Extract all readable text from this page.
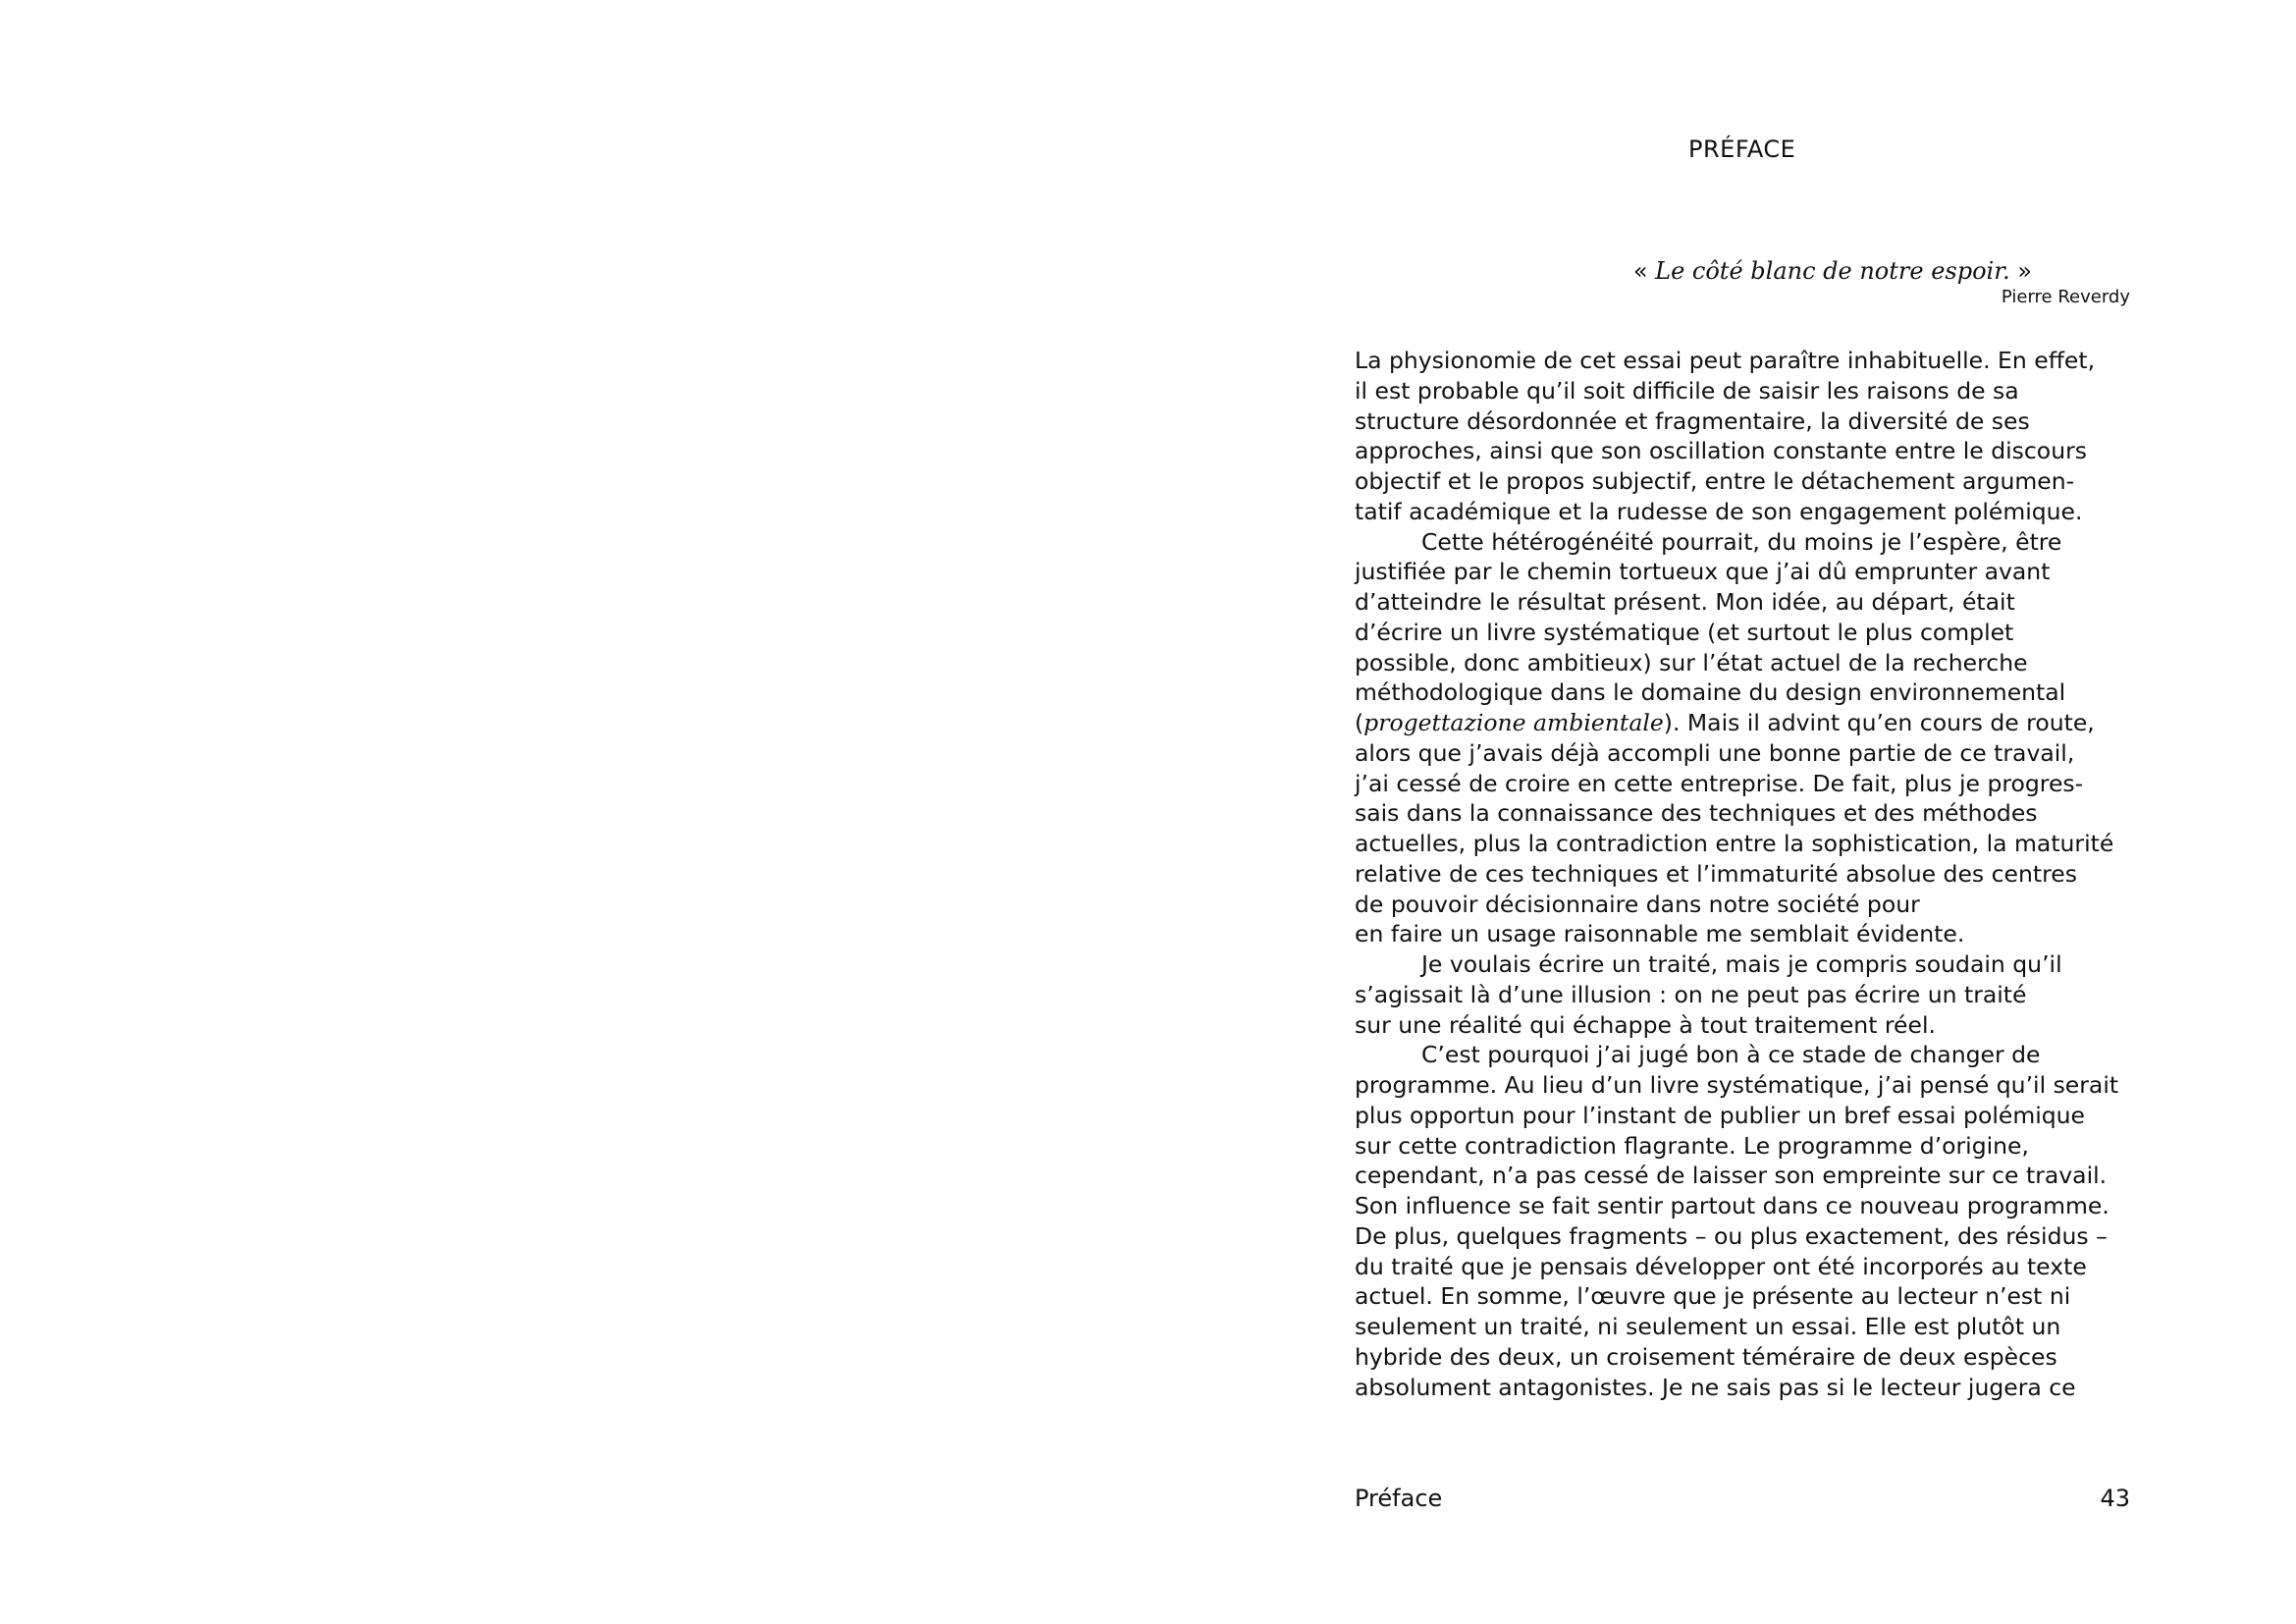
PRÉFACE
« Le côté blanc de notre espoir. »
Pierre Reverdy
La physionomie de cet essai peut paraître inhabituelle. En effet,
il est probable qu’il soit difficile de saisir les raisons de sa
structure désordonnée et fragmentaire, la diversité de ses
approches, ainsi que son oscillation constante entre le discours
objectif et le propos subjectif, entre le détachement argumen-
tatif académique et la rudesse de son engagement polémique.
Cette hétérogénéité pourrait, du moins je l’espère, être
justifiée par le chemin tortueux que j’ai dû emprunter avant
d’atteindre le résultat présent. Mon idée, au départ, était
d’écrire un livre systématique (et surtout le plus complet
possible, donc ambitieux) sur l’état actuel de la recherche
méthodologique dans le domaine du design environnemental
(progettazione ambientale). Mais il advint qu’en cours de route,
alors que j’avais déjà accompli une bonne partie de ce travail,
j’ai cessé de croire en cette entreprise. De fait, plus je progres-
sais dans la connaissance des techniques et des méthodes
actuelles, plus la contradiction entre la sophistication, la maturité
relative de ces techniques et l’immaturité absolue des centres
de pouvoir décisionnaire dans notre société pour
en faire un usage raisonnable me semblait évidente.
Je voulais écrire un traité, mais je compris soudain qu’il
s’agissait là d’une illusion : on ne peut pas écrire un traité
sur une réalité qui échappe à tout traitement réel.
C’est pourquoi j’ai jugé bon à ce stade de changer de
programme. Au lieu d’un livre systématique, j’ai pensé qu’il serait
plus opportun pour l’instant de publier un bref essai polémique
sur cette contradiction flagrante. Le programme d’origine,
cependant, n’a pas cessé de laisser son empreinte sur ce travail.
Son influence se fait sentir partout dans ce nouveau programme.
De plus, quelques fragments – ou plus exactement, des résidus –
du traité que je pensais développer ont été incorporés au texte
actuel. En somme, l’œuvre que je présente au lecteur n’est ni
seulement un traité, ni seulement un essai. Elle est plutôt un
hybride des deux, un croisement téméraire de deux espèces
absolument antagonistes. Je ne sais pas si le lecteur jugera ce
Préface	43
